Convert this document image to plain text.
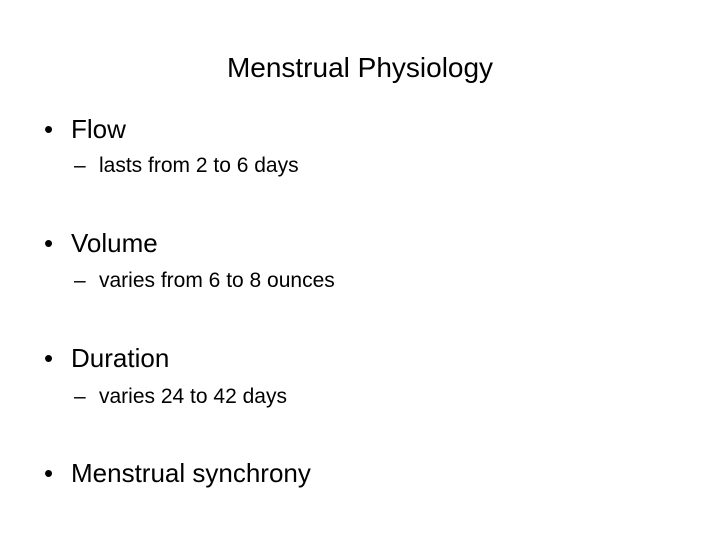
Menstrual Physiology
• Flow
– lasts from 2 to 6 days
• Volume
– varies from 6 to 8 ounces
• Duration
– varies 24 to 42 days
• Menstrual synchrony
